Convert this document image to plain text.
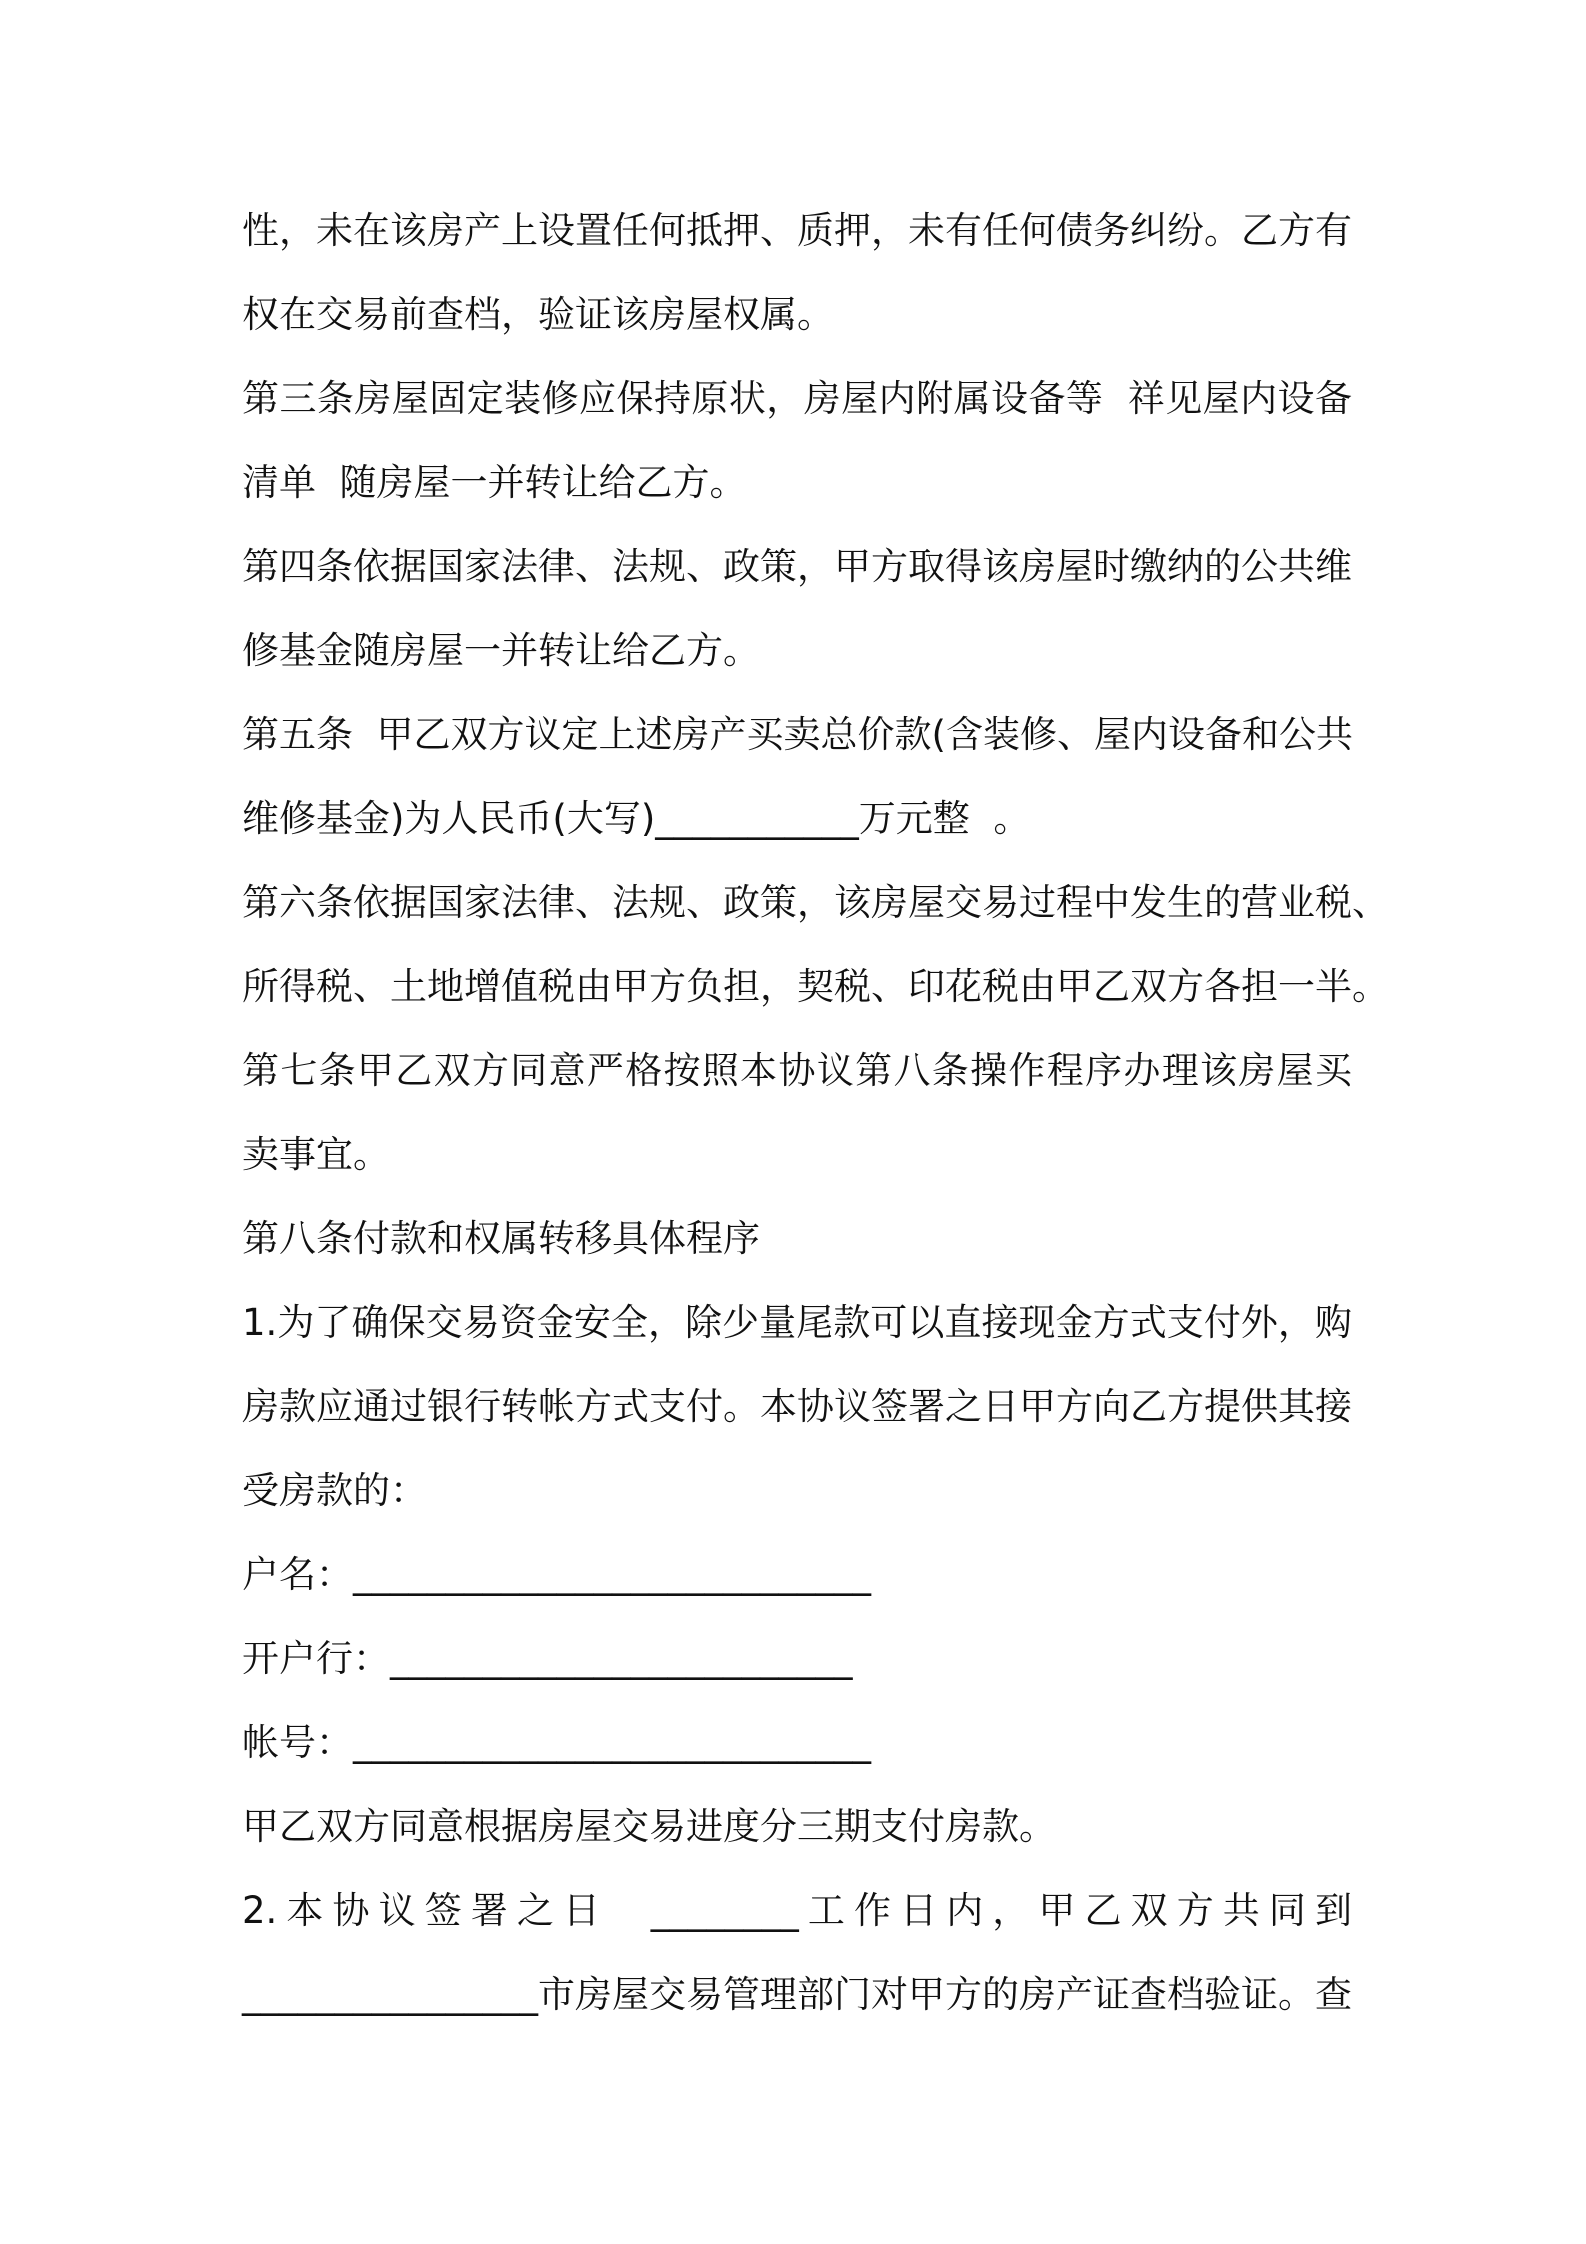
性，未在该房产上设置任何抵押、质押，未有任何债务纠纷。乙方有
权在交易前查档，验证该房屋权属。
第三条房屋固定装修应保持原状，房屋内附属设备等  祥见屋内设备
清单  随房屋一并转让给乙方。
第四条依据国家法律、法规、政策，甲方取得该房屋时缴纳的公共维
修基金随房屋一并转让给乙方。
第五条  甲乙双方议定上述房产买卖总价款(含装修、屋内设备和公共
维修基金)为人民币(大写)___________万元整  。
第六条依据国家法律、法规、政策，该房屋交易过程中发生的营业税、
所得税、土地增值税由甲方负担，契税、印花税由甲乙双方各担一半。
第七条甲乙双方同意严格按照本协议第八条操作程序办理该房屋买
卖事宜。
第八条付款和权属转移具体程序
1.为了确保交易资金安全，除少量尾款可以直接现金方式支付外，购
房款应通过银行转帐方式支付。本协议签署之日甲方向乙方提供其接
受房款的：
户名：____________________________
开户行：_________________________
帐号：____________________________
甲乙双方同意根据房屋交易进度分三期支付房款。
2.本协议签署之日  ________工作日内，甲乙双方共同到
________________市房屋交易管理部门对甲方的房产证查档验证。查
